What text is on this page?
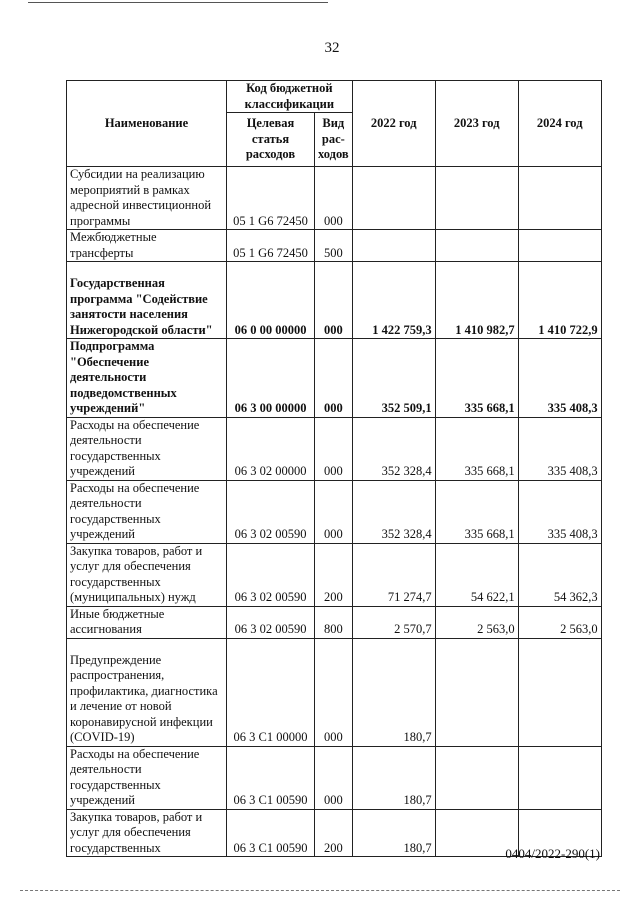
32
Наименование	Код бюджетной классификации		2022 год	2023 год	2024 год
	Целевая статья расходов	Вид рас-ходов			
Субсидии на реализацию мероприятий в рамках адресной инвестиционной программы	05 1 G6 72450	000			
Межбюджетные трансферты	05 1 G6 72450	500			
Государственная программа "Содействие занятости населения Нижегородской области"	06 0 00 00000	000	1 422 759,3	1 410 982,7	1 410 722,9
Подпрограмма "Обеспечение деятельности подведомственных учреждений"	06 3 00 00000	000	352 509,1	335 668,1	335 408,3
Расходы на обеспечение деятельности государственных учреждений	06 3 02 00000	000	352 328,4	335 668,1	335 408,3
Расходы на обеспечение деятельности государственных учреждений	06 3 02 00590	000	352 328,4	335 668,1	335 408,3
Закупка товаров, работ и услуг для обеспечения государственных (муниципальных) нужд	06 3 02 00590	200	71 274,7	54 622,1	54 362,3
Иные бюджетные ассигнования	06 3 02 00590	800	2 570,7	2 563,0	2 563,0
Предупреждение распространения, профилактика, диагностика и лечение от новой коронавирусной инфекции (COVID-19)	06 3 C1 00000	000	180,7		
Расходы на обеспечение деятельности государственных учреждений	06 3 C1 00590	000	180,7		
Закупка товаров, работ и услуг для обеспечения государственных	06 3 C1 00590	200	180,7			0404/2022-290(1)
